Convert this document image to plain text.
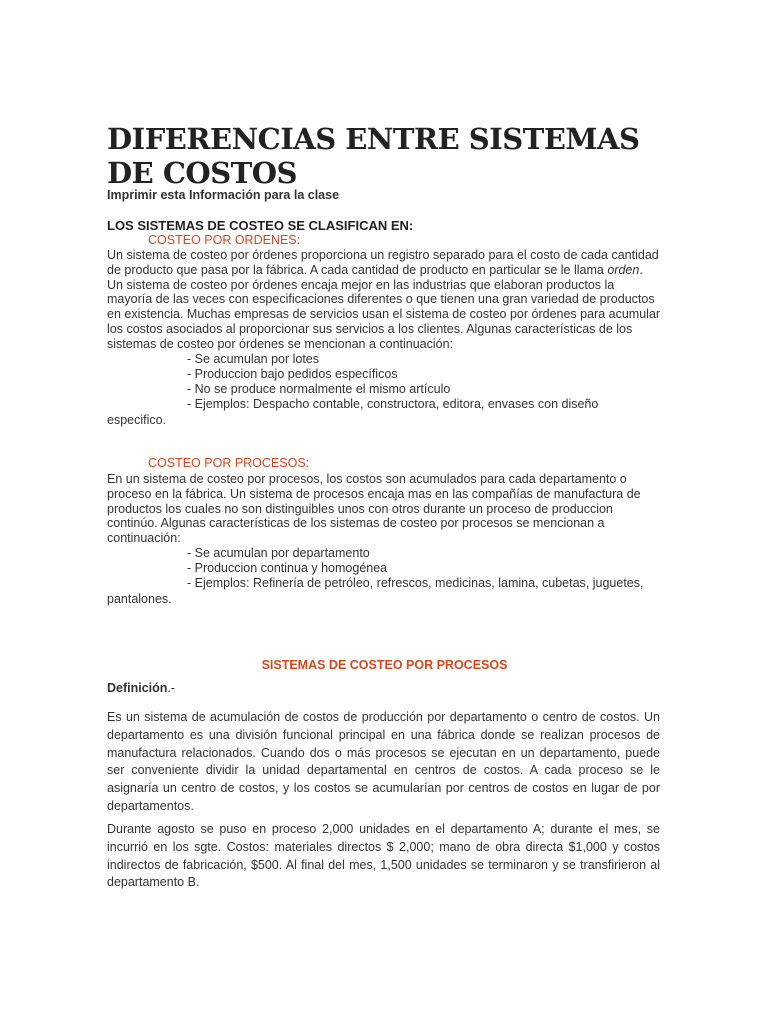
DIFERENCIAS ENTRE SISTEMAS DE COSTOS
Imprimir esta Información para la clase
LOS SISTEMAS DE COSTEO SE CLASIFICAN EN:
COSTEO POR ORDENES:

Un sistema de costeo por órdenes proporciona un registro separado para el costo de cada cantidad de producto que pasa por la fábrica. A cada cantidad de producto en particular se le llama orden. Un sistema de costeo por órdenes encaja mejor en las industrias que elaboran productos la mayoría de las veces con especificaciones diferentes o que tienen una gran variedad de productos en existencia. Muchas empresas de servicios usan el sistema de costeo por órdenes para acumular los costos asociados al proporcionar sus servicios a los clientes. Algunas características de los sistemas de costeo por órdenes se mencionan a continuación:

- Se acumulan por lotes
- Produccion bajo pedidos específicos
- No se produce normalmente el mismo artículo
- Ejemplos: Despacho contable, constructora, editora, envases con diseño
especifico.
COSTEO POR PROCESOS:
En un sistema de costeo por procesos, los costos son acumulados para cada departamento o proceso en la fábrica. Un sistema de procesos encaja mas en las compañías de manufactura de productos los cuales no son distinguibles unos con otros durante un proceso de produccion continúo. Algunas características de los sistemas de costeo por procesos se mencionan a continuación:
- Se acumulan por departamento
- Produccion continua y homogénea
- Ejemplos: Refinería de petróleo, refrescos, medicinas, lamina, cubetas, juguetes,
pantalones.
SISTEMAS DE COSTEO POR PROCESOS
Definición.-
Es un sistema de acumulación de costos de producción por departamento o centro de costos. Un departamento es una división funcional principal en una fábrica donde se realizan procesos de manufactura relacionados. Cuando dos o más procesos se ejecutan en un departamento, puede ser conveniente dividir la unidad departamental en centros de costos. A cada proceso se le asignaría un centro de costos, y los costos se acumularían por centros de costos en lugar de por departamentos.
Durante agosto se puso en proceso 2,000 unidades en el departamento A; durante el mes, se incurrió en los sgte. Costos: materiales directos $ 2,000; mano de obra directa $1,000 y costos indirectos de fabricación, $500. Al final del mes, 1,500 unidades se terminaron y se transfirieron al departamento B.
